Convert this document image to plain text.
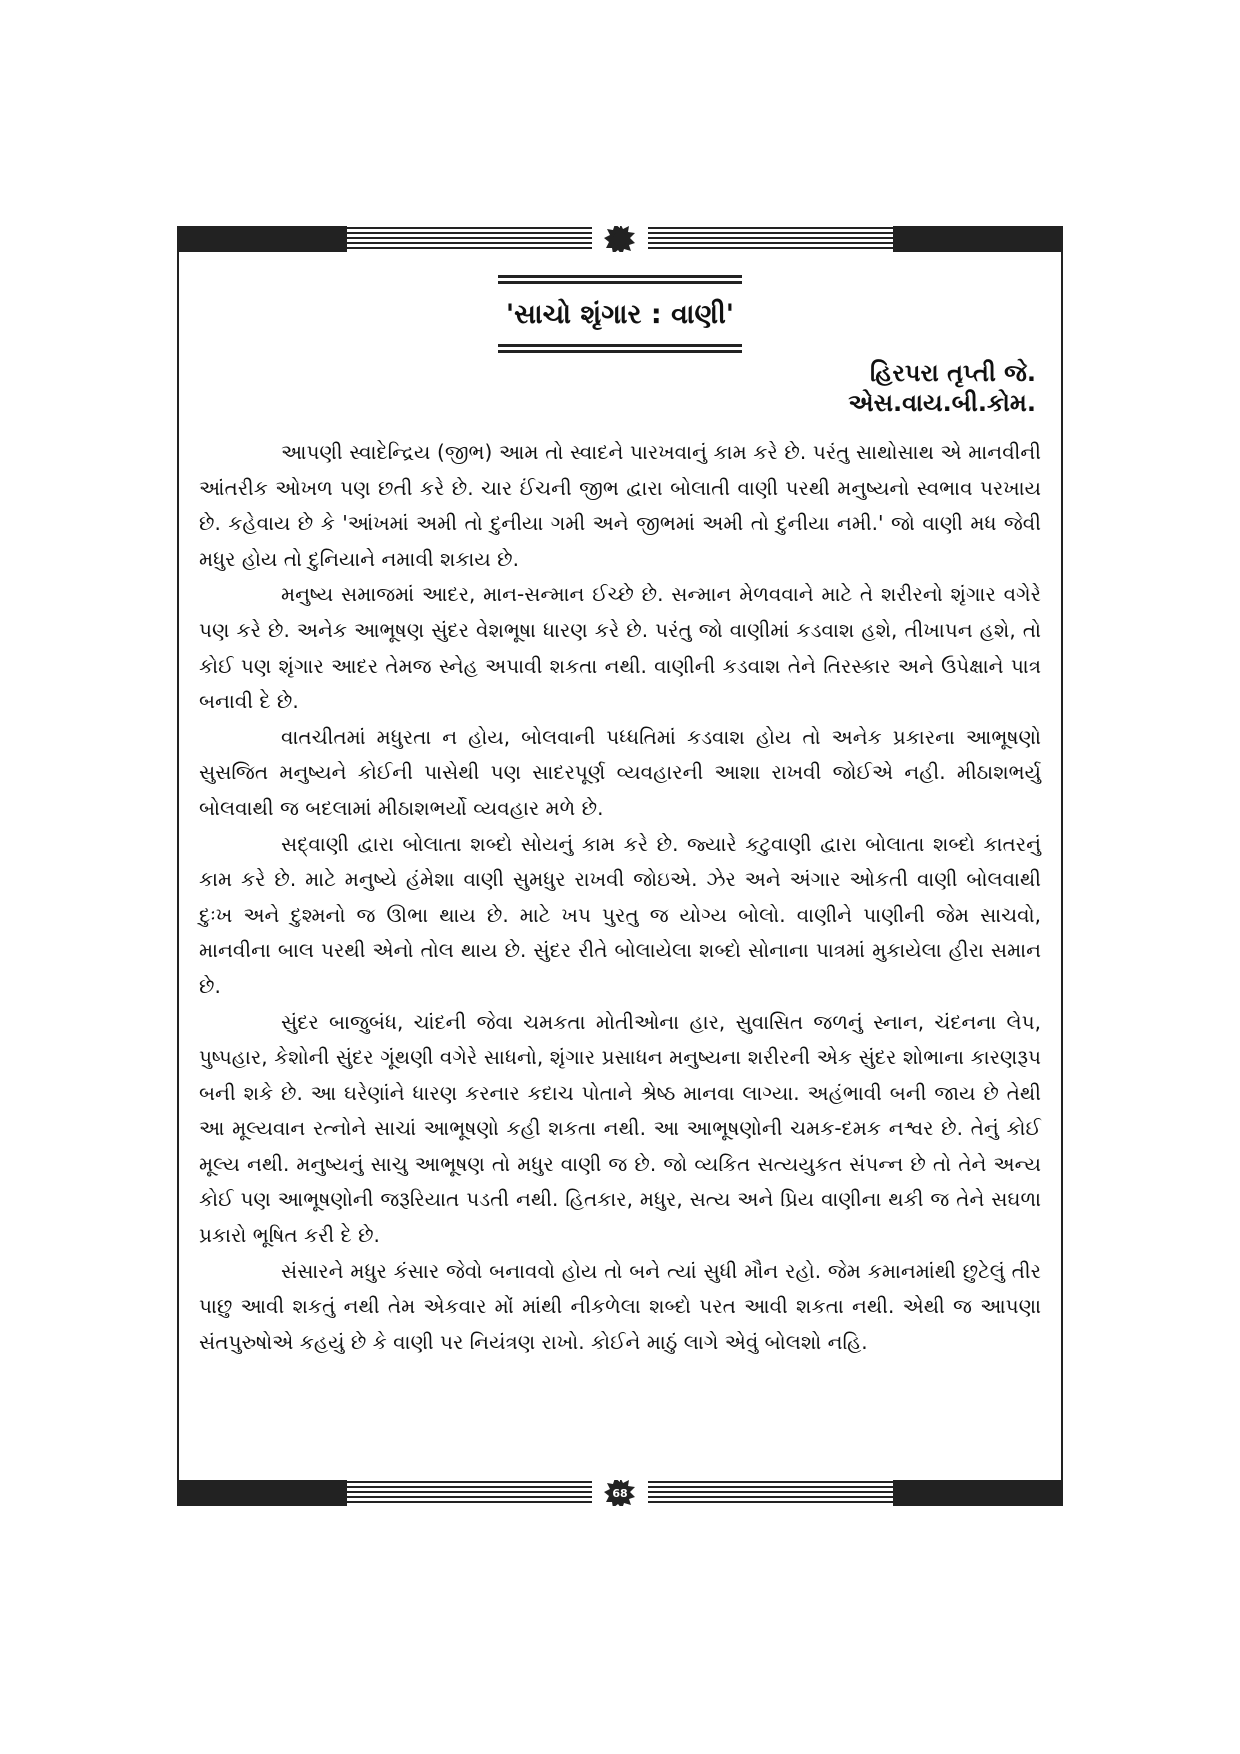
'સાચો શૃંગાર : વાણી'
હિરપરા તૃપ્તી જે.
એસ.વાય.બી.કોમ.

આપણી સ્વાદેન્દ્રિય (જીભ) આમ તો સ્વાદને પારખવાનું કામ કરે છે. પરંતુ સાથોસાથ એ માનવીની આંતરીક ઓખળ પણ છતી કરે છે. ચાર ઈંચની જીભ દ્વારા બોલાતી વાણી પરથી મનુષ્યનો સ્વભાવ પરખાય છે. કહેવાય છે કે 'આંખમાં અમી તો દુનીયા ગમી અને જીભમાં અમી તો દુનીયા નમી.' જો વાણી મધ જેવી મધુર હોય તો દુનિયાને નમાવી શકાય છે.

મનુષ્ય સમાજમાં આદર, માન-સન્માન ઈચ્છે છે. સન્માન મેળવવાને માટે તે શરીરનો શૃંગાર વગેરે પણ કરે છે. અનેક આભૂષણ સુંદર વેશભૂષા ધારણ કરે છે. પરંતુ જો વાણીમાં કડવાશ હશે, તીખાપન હશે, તો કોઈ પણ શૃંગાર આદર તેમજ સ્નેહ અપાવી શકતા નથી. વાણીની કડવાશ તેને તિરસ્કાર અને ઉપેક્ષાને પાત્ર બનાવી દે છે.

વાતચીતમાં મધુરતા ન હોય, બોલવાની પધ્ધતિમાં કડવાશ હોય તો અનેક પ્રકારના આભૂષણો સુસજિત મનુષ્યને કોઈની પાસેથી પણ સાદરપૂર્ણ વ્યવહારની આશા રાખવી જોઈએ નહી. મીઠાશભર્યુ બોલવાથી જ બદલામાં મીઠાશભર્યો વ્યવહાર મળે છે.

સદ્‌વાણી દ્વારા બોલાતા શબ્દો સોયનું કામ કરે છે. જ્યારે કટુવાણી દ્વારા બોલાતા શબ્દો કાતરનું કામ કરે છે. માટે મનુષ્યે હંમેશા વાણી સુમધુર રાખવી જોઇએ. ઝેર અને અંગાર ઓકતી વાણી બોલવાથી દુઃખ અને દુશ્મનો જ ઊભા થાય છે. માટે ખપ પુરતુ જ યોગ્ય બોલો. વાણીને પાણીની જેમ સાચવો, માનવીના બાલ પરથી એનો તોલ થાય છે. સુંદર રીતે બોલાયેલા શબ્દો સોનાના પાત્રમાં મુકાયેલા હીરા સમાન છે.

સુંદર બાજુબંધ, ચાંદની જેવા ચમકતા મોતીઓના હાર, સુવાસિત જળનું સ્નાન, ચંદનના લેપ, પુષ્પહાર, કેશોની સુંદર ગૂંથણી વગેરે સાધનો, શૃંગાર પ્રસાધન મનુષ્યના શરીરની એક સુંદર શોભાના કારણરૂપ બની શકે છે. આ ઘરેણાંને ધારણ કરનાર કદાચ પોતાને શ્રેષ્ઠ માનવા લાગ્યા. અહંભાવી બની જાય છે તેથી આ મૂલ્યવાન રત્નોને સાચાં આભૂષણો કહી શકતા નથી. આ આભૂષણોની ચમક-દમક નશ્વર છે. તેનું કોઈ મૂલ્ય નથી. મનુષ્યનું સાચુ આભૂષણ તો મધુર વાણી જ છે. જો વ્યકિત સત્યયુકત સંપન્ન છે તો તેને અન્ય કોઈ પણ આભૂષણોની જરૂરિયાત પડતી નથી. હિતકાર, મધુર, સત્ય અને પ્રિય વાણીના થકી જ તેને સઘળા પ્રકારો ભૂષિત કરી દે છે.

સંસારને મધુર કંસાર જેવો બનાવવો હોય તો બને ત્યાં સુધી મૌન રહો. જેમ કમાનમાંથી છુટેલું તીર પાછુ આવી શકતું નથી તેમ એકવાર મોં માંથી નીકળેલા શબ્દો પરત આવી શકતા નથી. એથી જ આપણા સંતપુરુષોએ કહયું છે કે વાણી પર નિયંત્રણ રાખો. કોઈને માઠું લાગે એવું બોલશો નહિ.

68
